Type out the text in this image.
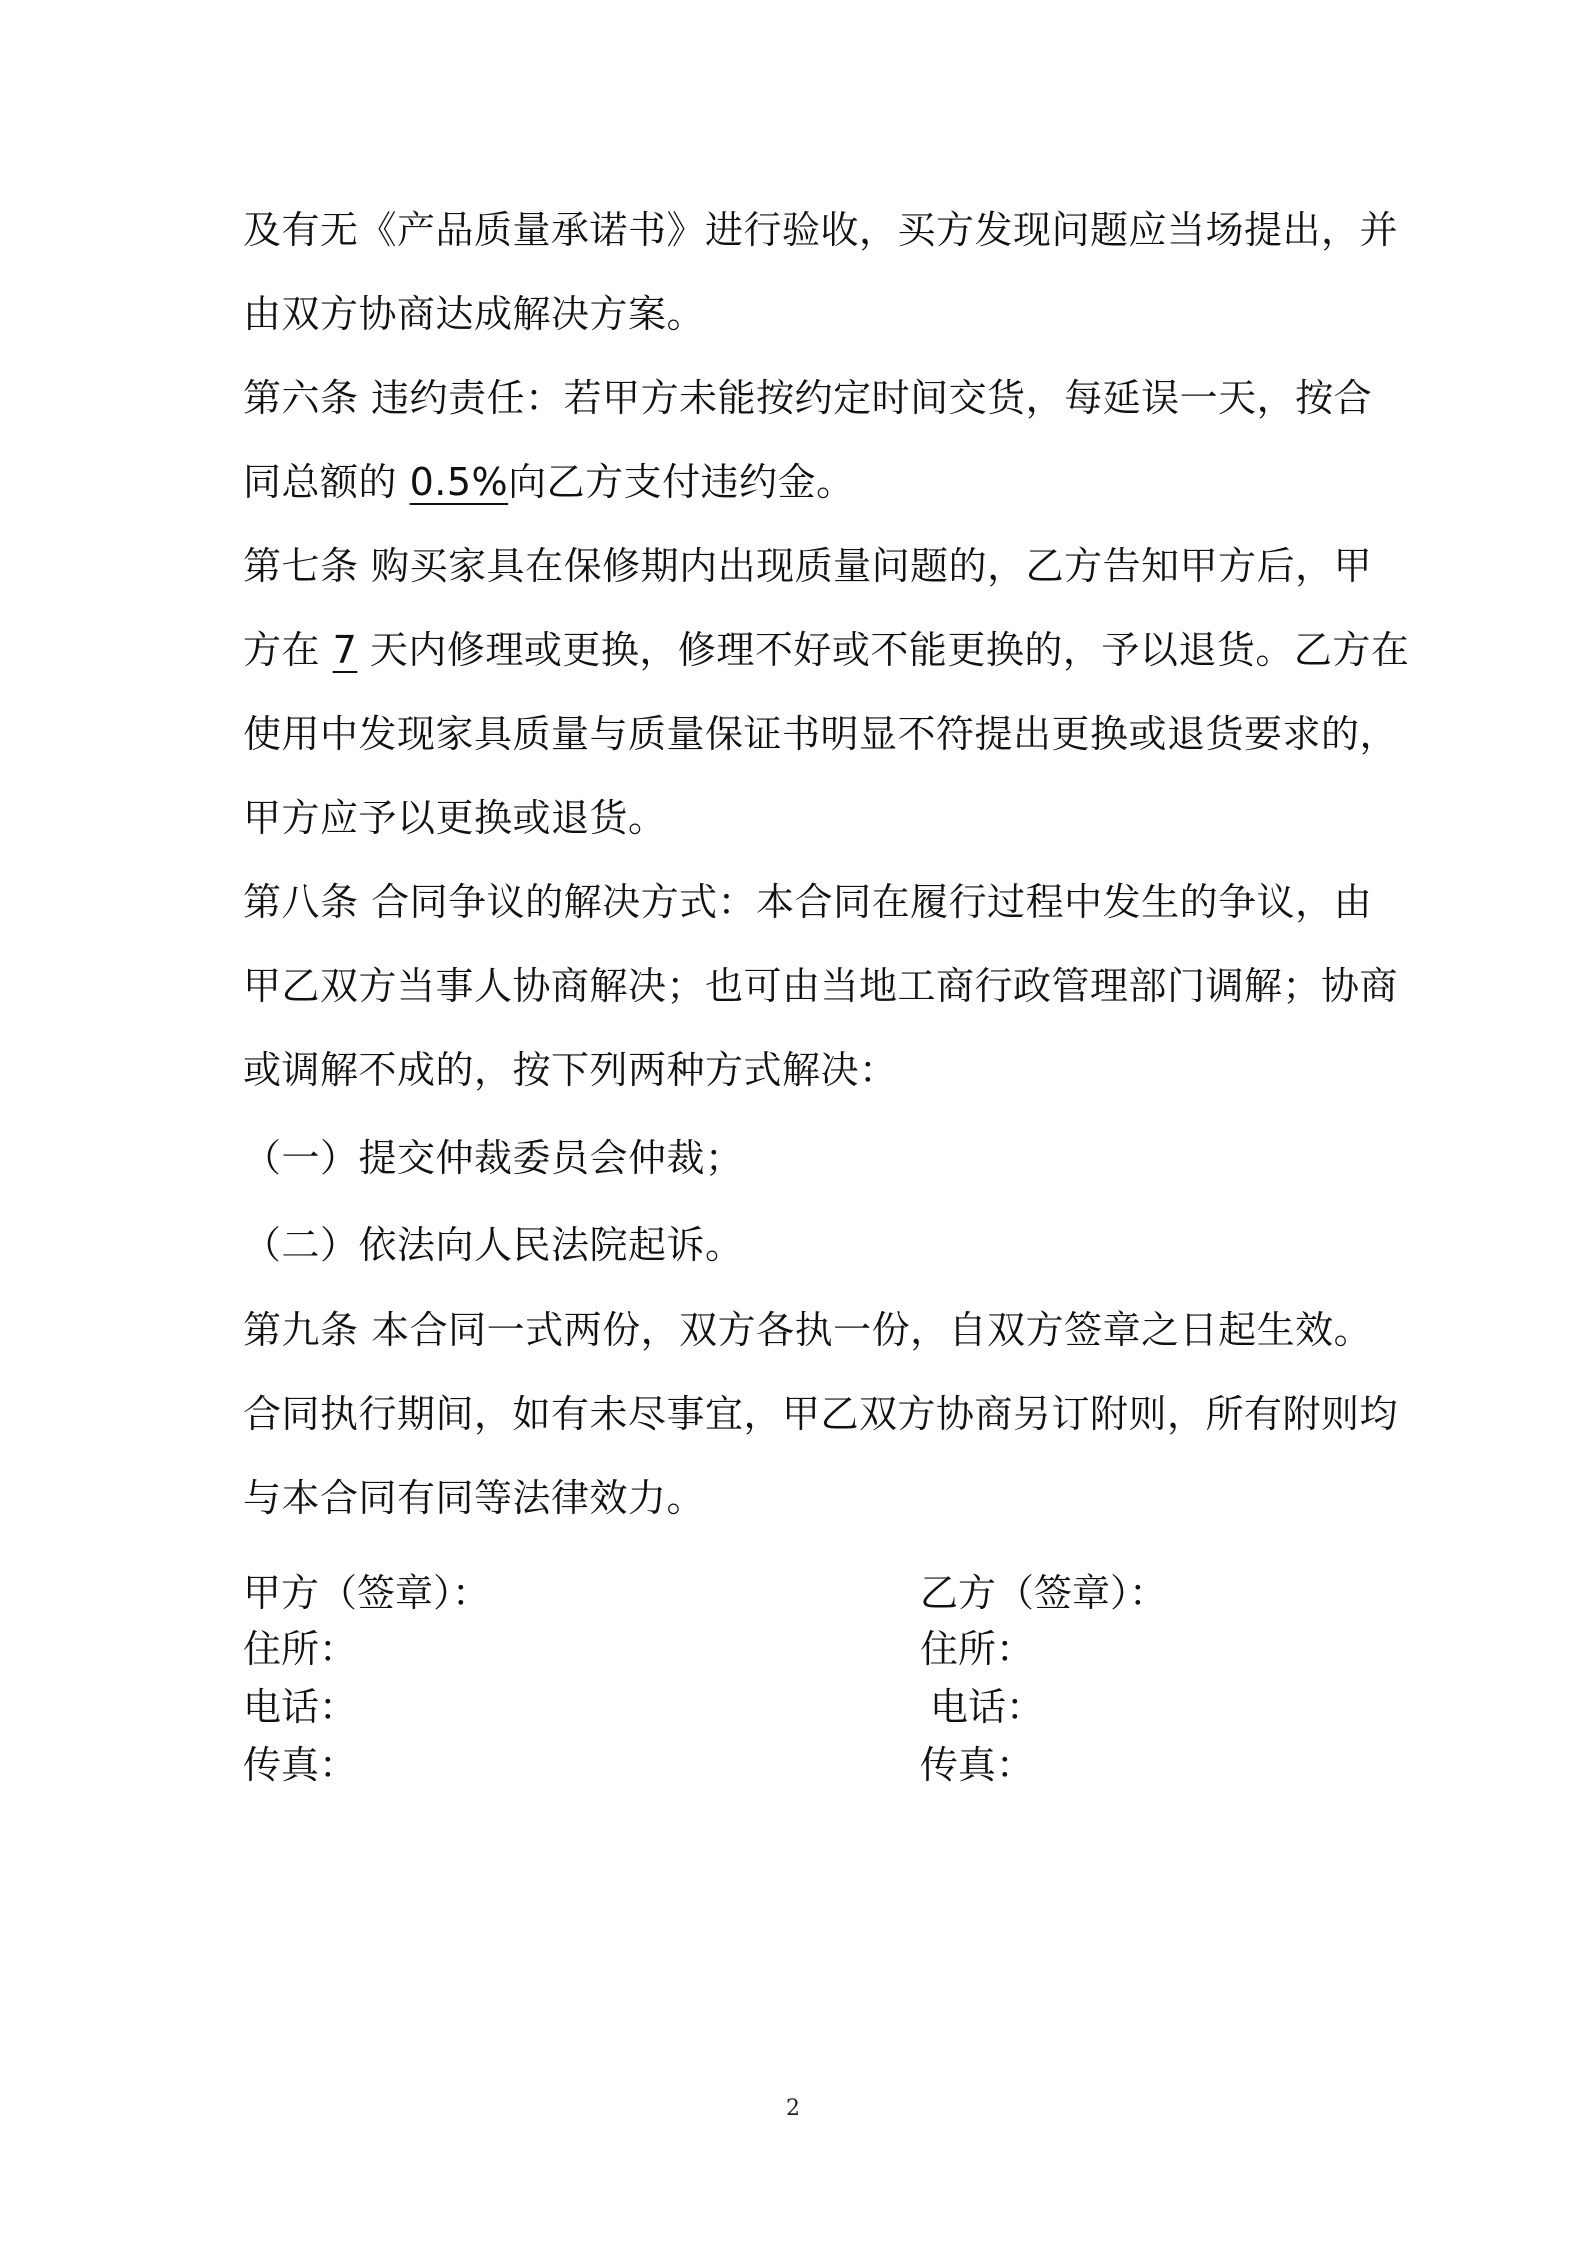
及有无《产品质量承诺书》进行验收，买方发现问题应当场提出，并
由双方协商达成解决方案。
第六条 违约责任：若甲方未能按约定时间交货，每延误一天，按合
同总额的 0.5%向乙方支付违约金。
第七条 购买家具在保修期内出现质量问题的，乙方告知甲方后，甲
方在 7 天内修理或更换，修理不好或不能更换的，予以退货。乙方在
使用中发现家具质量与质量保证书明显不符提出更换或退货要求的，
甲方应予以更换或退货。
第八条 合同争议的解决方式：本合同在履行过程中发生的争议，由
甲乙双方当事人协商解决；也可由当地工商行政管理部门调解；协商
或调解不成的，按下列两种方式解决：
（一）提交仲裁委员会仲裁；
（二）依法向人民法院起诉。
第九条 本合同一式两份，双方各执一份，自双方签章之日起生效。
合同执行期间，如有未尽事宜，甲乙双方协商另订附则，所有附则均
与本合同有同等法律效力。
甲方（签章）：
住所：
电话：
传真：
乙方（签章）：
住所：
电话：
传真：
2
